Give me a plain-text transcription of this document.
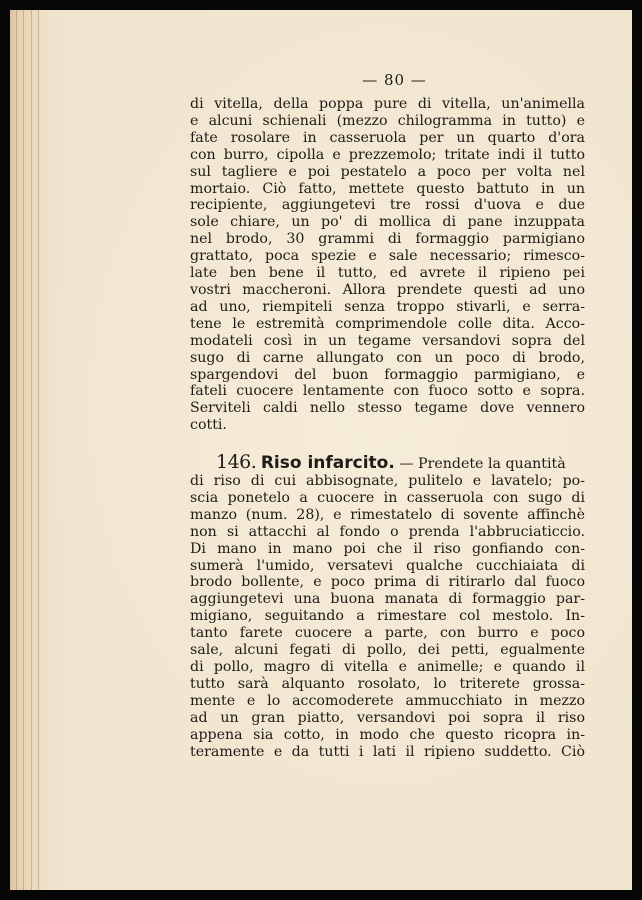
— 80 —
di vitella, della poppa pure di vitella, un'animella
e alcuni schienali (mezzo chilogramma in tutto) e
fate rosolare in casseruola per un quarto d'ora
con burro, cipolla e prezzemolo; tritate indi il tutto
sul tagliere e poi pestatelo a poco per volta nel
mortaio. Ciò fatto, mettete questo battuto in un
recipiente, aggiungetevi tre rossi d'uova e due
sole chiare, un po' di mollica di pane inzuppata
nel brodo, 30 grammi di formaggio parmigiano
grattato, poca spezie e sale necessario; rimesco-
late ben bene il tutto, ed avrete il ripieno pei
vostri maccheroni. Allora prendete questi ad uno
ad uno, riempiteli senza troppo stivarli, e serra-
tene le estremità comprimendole colle dita. Acco-
modateli così in un tegame versandovi sopra del
sugo di carne allungato con un poco di brodo,
spargendovi del buon formaggio parmigiano, e
fateli cuocere lentamente con fuoco sotto e sopra.
Serviteli caldi nello stesso tegame dove vennero
cotti.
146. Riso infarcito. — Prendete la quantità
di riso di cui abbisognate, pulitelo e lavatelo; po-
scia ponetelo a cuocere in casseruola con sugo di
manzo (num. 28), e rimestatelo di sovente affinchè
non si attacchi al fondo o prenda l'abbruciaticcio.
Di mano in mano poi che il riso gonfiando con-
sumerà l'umido, versatevi qualche cucchiaiata di
brodo bollente, e poco prima di ritirarlo dal fuoco
aggiungetevi una buona manata di formaggio par-
migiano, seguitando a rimestare col mestolo. In-
tanto farete cuocere a parte, con burro e poco
sale, alcuni fegati di pollo, dei petti, egualmente
di pollo, magro di vitella e animelle; e quando il
tutto sarà alquanto rosolato, lo triterete grossa-
mente e lo accomoderete ammucchiato in mezzo
ad un gran piatto, versandovi poi sopra il riso
appena sia cotto, in modo che questo ricopra in-
teramente e da tutti i lati il ripieno suddetto. Ciò
